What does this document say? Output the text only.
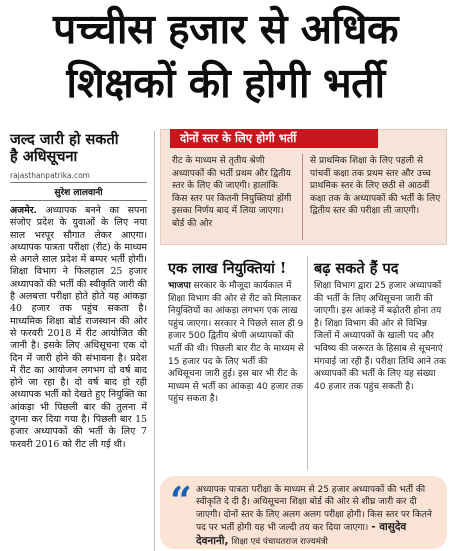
पच्चीस हजार से अधिक
शिक्षकों की होगी भर्ती
जल्द जारी हो सकती
है अधिसूचना
rajasthanpatrika.com
सुरेश लालवानी

अजमेर. अध्यापक बनने का सपना संजोए प्रदेश के युवाओं के लिए नया साल भरपूर सौगात लेकर आएगा। अध्यापक पात्रता परीक्षा (रीट) के माध्यम से अगले साल प्रदेश में बम्पर भर्ती होगी। शिक्षा विभाग ने फिलहाल 25 हजार अध्यापकों की भर्ती की स्वीकृति जारी की है अलबत्ता परीक्षा होते होते यह आंकड़ा 40 हजार तक पहुंच सकता है। माध्यमिक शिक्षा बोर्ड राजस्थान की ओर से फरवरी 2018 में रीट आयोजित की जानी है। इसके लिए अधिसूचना एक दो दिन में जारी होने की संभावना है। प्रदेश में रीट का आयोजन लगभग दो वर्ष बाद होने जा रहा है। दो वर्ष बाद हो रही अध्यापक भर्ती को देखते हुए नियुक्ति का आंकड़ा भी पिछली बार की तुलना में दुगना कर दिया गया है। पिछली बार 15 हजार अध्यापकों की भर्ती के लिए 7 फरवरी 2016 को रीट ली गई थी।

दोनों स्तर के लिए होगी भर्ती
रीट के माध्यम से तृतीय श्रेणी अध्यापकों की भर्ती प्रथम और द्वितीय स्तर के लिए की जाएगी। हालांकि किस स्तर पर कितनी नियुक्तियां होंगी इसका निर्णय बाद में लिया जाएगा। बोर्ड की ओर
से प्राथमिक शिक्षा के लिए पहली से पांचवीं कक्षा तक प्रथम स्तर और उच्च प्राथमिक स्तर के लिए छठी से आठवीं कक्षा तक के अध्यापकों की भर्ती के लिए द्वितीय स्तर की परीक्षा ली जाएगी।
एक लाख नियुक्तियां ! बढ़ सकते हैं पद

भाजपा सरकार के मौजूदा कार्यकाल में शिक्षा विभाग की ओर से रीट को मिलाकर नियुक्तियों का आंकड़ा लगभग एक लाख पहुंच जाएगा। सरकार ने पिछले साल ही 9 हजार 500 द्वितीय श्रेणी अध्यापकों की भर्ती की थी। पिछली बार रीट के माध्यम से 15 हजार पद के लिए भर्ती की अधिसूचना जारी हुई। इस बार भी रीट के माध्यम से भर्ती का आंकड़ा 40 हजार तक पहुंच सकता है।

शिक्षा विभाग द्वारा 25 हजार अध्यापकों की भर्ती के लिए अधिसूचना जारी की जाएगी। इस आंकड़े में बढ़ोतरी होना तय है। शिक्षा विभाग की ओर से विभिन्न जिलों में अध्यापकों के खाली पद और भविष्य की जरूरत के हिसाब से सूचनाएं मंगवाई जा रही हैं। परीक्षा तिथि आने तक अध्यापकों की भर्ती के लिए यह संख्या 40 हजार तक पहुंच सकती है।

“ अध्यापक पात्रता परीक्षा के माध्यम से 25 हजार अध्यापकों की भर्ती की स्वीकृति दे दी है। अधिसूचना शिक्षा बोर्ड की ओर से शीघ्र जारी कर दी जाएगी। दोनों स्तर के लिए अलग अलग परीक्षा होगी। किस स्तर पर कितने पद पर भर्ती होगी यह भी जल्दी तय कर दिया जाएगा। - वासुदेव देवनानी, शिक्षा एवं पंचायतराज राज्यमंत्री
